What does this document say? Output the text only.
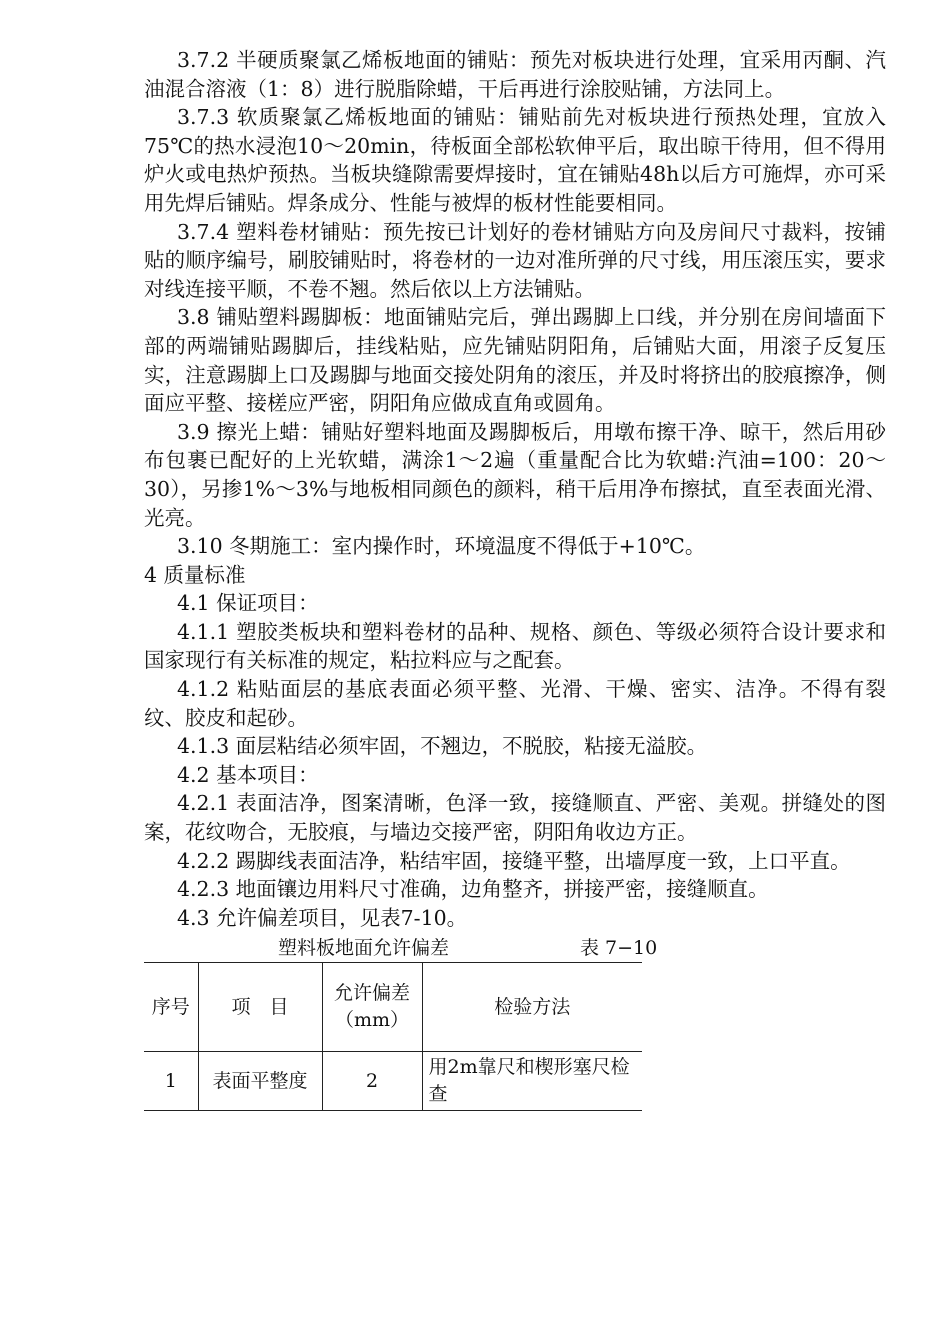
3.7.2 半硬质聚氯乙烯板地面的铺贴：预先对板块进行处理，宜采用丙酮、汽油混合溶液（1：8）进行脱脂除蜡，干后再进行涂胶贴铺，方法同上。

3.7.3 软质聚氯乙烯板地面的铺贴：铺贴前先对板块进行预热处理，宜放入75℃的热水浸泡10～20min，待板面全部松软伸平后，取出晾干待用，但不得用炉火或电热炉预热。当板块缝隙需要焊接时，宜在铺贴48h以后方可施焊，亦可采用先焊后铺贴。焊条成分、性能与被焊的板材性能要相同。

3.7.4 塑料卷材铺贴：预先按已计划好的卷材铺贴方向及房间尺寸裁料，按铺贴的顺序编号，刷胶铺贴时，将卷材的一边对准所弹的尺寸线，用压滚压实，要求对线连接平顺，不卷不翘。然后依以上方法铺贴。

3.8 铺贴塑料踢脚板：地面铺贴完后，弹出踢脚上口线，并分别在房间墙面下部的两端铺贴踢脚后，挂线粘贴，应先铺贴阴阳角，后铺贴大面，用滚子反复压实，注意踢脚上口及踢脚与地面交接处阴角的滚压，并及时将挤出的胶痕擦净，侧面应平整、接槎应严密，阴阳角应做成直角或圆角。

3.9 擦光上蜡：铺贴好塑料地面及踢脚板后，用墩布擦干净、晾干，然后用砂布包裹已配好的上光软蜡，满涂1～2遍（重量配合比为软蜡:汽油=100：20～30），另掺1%～3%与地板相同颜色的颜料，稍干后用净布擦拭，直至表面光滑、光亮。

3.10 冬期施工：室内操作时，环境温度不得低于+10℃。

4 质量标准

4.1 保证项目：

4.1.1 塑胶类板块和塑料卷材的品种、规格、颜色、等级必须符合设计要求和国家现行有关标准的规定，粘拉料应与之配套。

4.1.2 粘贴面层的基底表面必须平整、光滑、干燥、密实、洁净。不得有裂纹、胶皮和起砂。

4.1.3 面层粘结必须牢固，不翘边，不脱胶，粘接无溢胶。

4.2 基本项目：

4.2.1 表面洁净，图案清晰，色泽一致，接缝顺直、严密、美观。拼缝处的图案，花纹吻合，无胶痕，与墙边交接严密，阴阳角收边方正。

4.2.2 踢脚线表面洁净，粘结牢固，接缝平整，出墙厚度一致，上口平直。

4.2.3 地面镶边用料尺寸准确，边角整齐，拼接严密，接缝顺直。

4.3 允许偏差项目，见表7-10。

塑料板地面允许偏差	表 7−10
序号	项　目	允许偏差（mm）	检验方法
1	表面平整度	2	用2m靠尺和楔形塞尺检查
